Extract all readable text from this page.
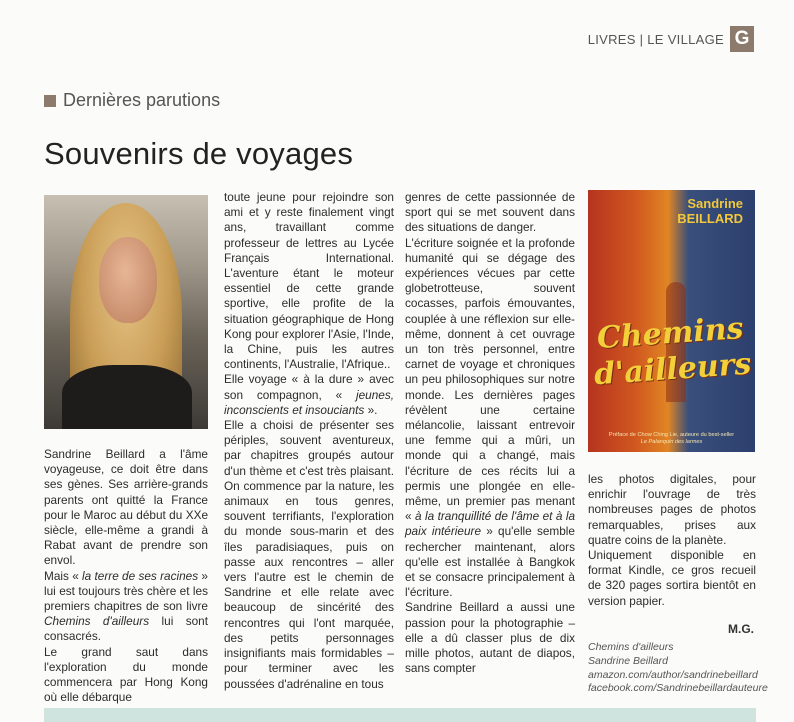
LIVRES | LE VILLAGE G
Dernières parutions
Souvenirs de voyages

Sandrine Beillard a l'âme voyageuse, ce doit être dans ses gènes. Ses arrière-grands parents ont quitté la France pour le Maroc au début du XXe siècle, elle-même a grandi à Rabat avant de prendre son envol.

Mais « la terre de ses racines » lui est toujours très chère et les premiers chapitres de son livre Chemins d'ailleurs lui sont consacrés.

Le grand saut dans l'exploration du monde commencera par Hong Kong où elle débarque

toute jeune pour rejoindre son ami et y reste finalement vingt ans, travaillant comme professeur de lettres au Lycée Français International. L'aventure étant le moteur essentiel de cette grande sportive, elle profite de la situation géographique de Hong Kong pour explorer l'Asie, l'Inde, la Chine, puis les autres continents, l'Australie, l'Afrique..

Elle voyage « à la dure » avec son compagnon, « jeunes, inconscients et insouciants ».

Elle a choisi de présenter ses périples, souvent aventureux, par chapitres groupés autour d'un thème et c'est très plaisant. On commence par la nature, les animaux en tous genres, souvent terrifiants, l'exploration du monde sous-marin et des îles paradisiaques, puis on passe aux rencontres – aller vers l'autre est le chemin de Sandrine et elle relate avec beaucoup de sincérité des rencontres qui l'ont marquée, des petits personnages insignifiants mais formidables – pour terminer avec les poussées d'adrénaline en tous

genres de cette passionnée de sport qui se met souvent dans des situations de danger.

L'écriture soignée et la profonde humanité qui se dégage des expériences vécues par cette globetrotteuse, souvent cocasses, parfois émouvantes, couplée à une réflexion sur elle-même, donnent à cet ouvrage un ton très personnel, entre carnet de voyage et chroniques un peu philosophiques sur notre monde. Les dernières pages révèlent une certaine mélancolie, laissant entrevoir une femme qui a mûri, un monde qui a changé, mais l'écriture de ces récits lui a permis une plongée en elle-même, un premier pas menant « à la tranquillité de l'âme et à la paix intérieure » qu'elle semble rechercher maintenant, alors qu'elle est installée à Bangkok et se consacre principalement à l'écriture.

Sandrine Beillard a aussi une passion pour la photographie – elle a dû classer plus de dix mille photos, autant de diapos, sans compter

Sandrine
BEILLARD
Chemins
d'ailleurs
Préface de Chow Ching Lie, auteure du best-seller
Le Palanquin des larmes

les photos digitales, pour enrichir l'ouvrage de très nombreuses pages de photos remarquables, prises aux quatre coins de la planète.

Uniquement disponible en format Kindle, ce gros recueil de 320 pages sortira bientôt en version papier.

M.G.
Chemins d'ailleurs
Sandrine Beillard
amazon.com/author/sandrinebeillard
facebook.com/Sandrinebeillardauteure
